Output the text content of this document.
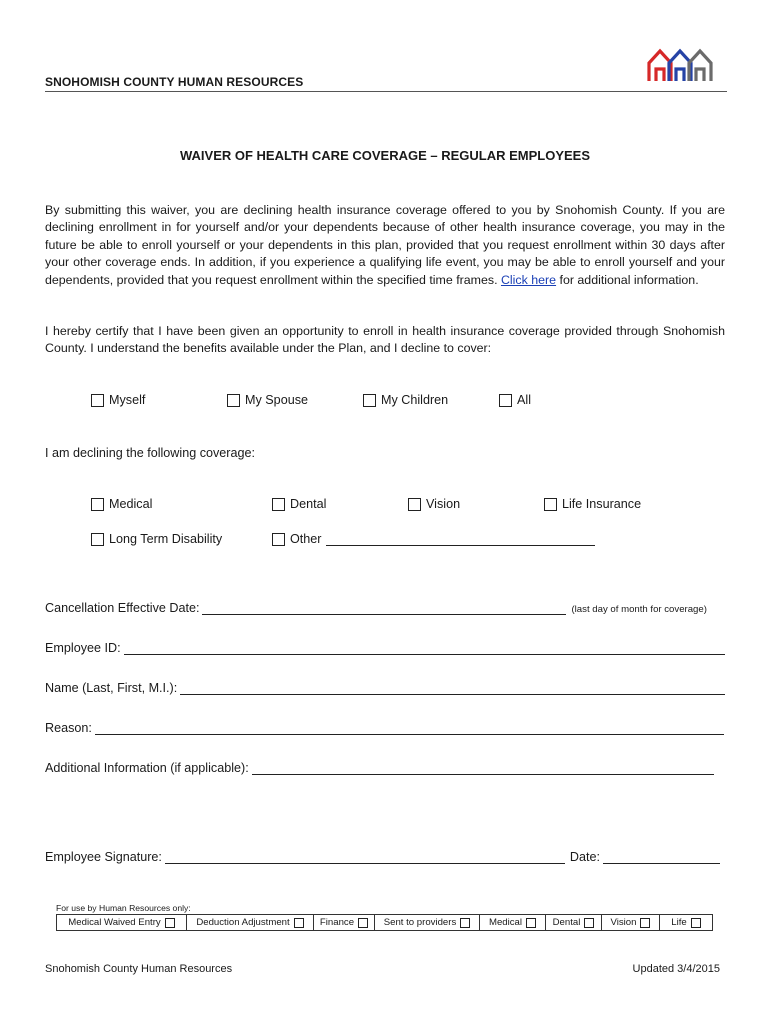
SNOHOMISH COUNTY HUMAN RESOURCES
WAIVER OF HEALTH CARE COVERAGE – REGULAR EMPLOYEES
By submitting this waiver, you are declining health insurance coverage offered to you by Snohomish County. If you are declining enrollment in for yourself and/or your dependents because of other health insurance coverage, you may in the future be able to enroll yourself or your dependents in this plan, provided that you request enrollment within 30 days after your other coverage ends. In addition, if you experience a qualifying life event, you may be able to enroll yourself and your dependents, provided that you request enrollment within the specified time frames. Click here for additional information.
I hereby certify that I have been given an opportunity to enroll in health insurance coverage provided through Snohomish County. I understand the benefits available under the Plan, and I decline to cover:
Myself	My Spouse	My Children	All
I am declining the following coverage:
Medical	Dental	Vision	Life Insurance
Long Term Disability	Other
Cancellation Effective Date:	(last day of month for coverage)
Employee ID:
Name (Last, First, M.I.):
Reason:
Additional Information (if applicable):
Employee Signature:	Date:
For use by Human Resources only:
Medical Waived Entry	Deduction Adjustment	Finance	Sent to providers	Medical	Dental	Vision	Life
Snohomish County Human Resources	Updated 3/4/2015
